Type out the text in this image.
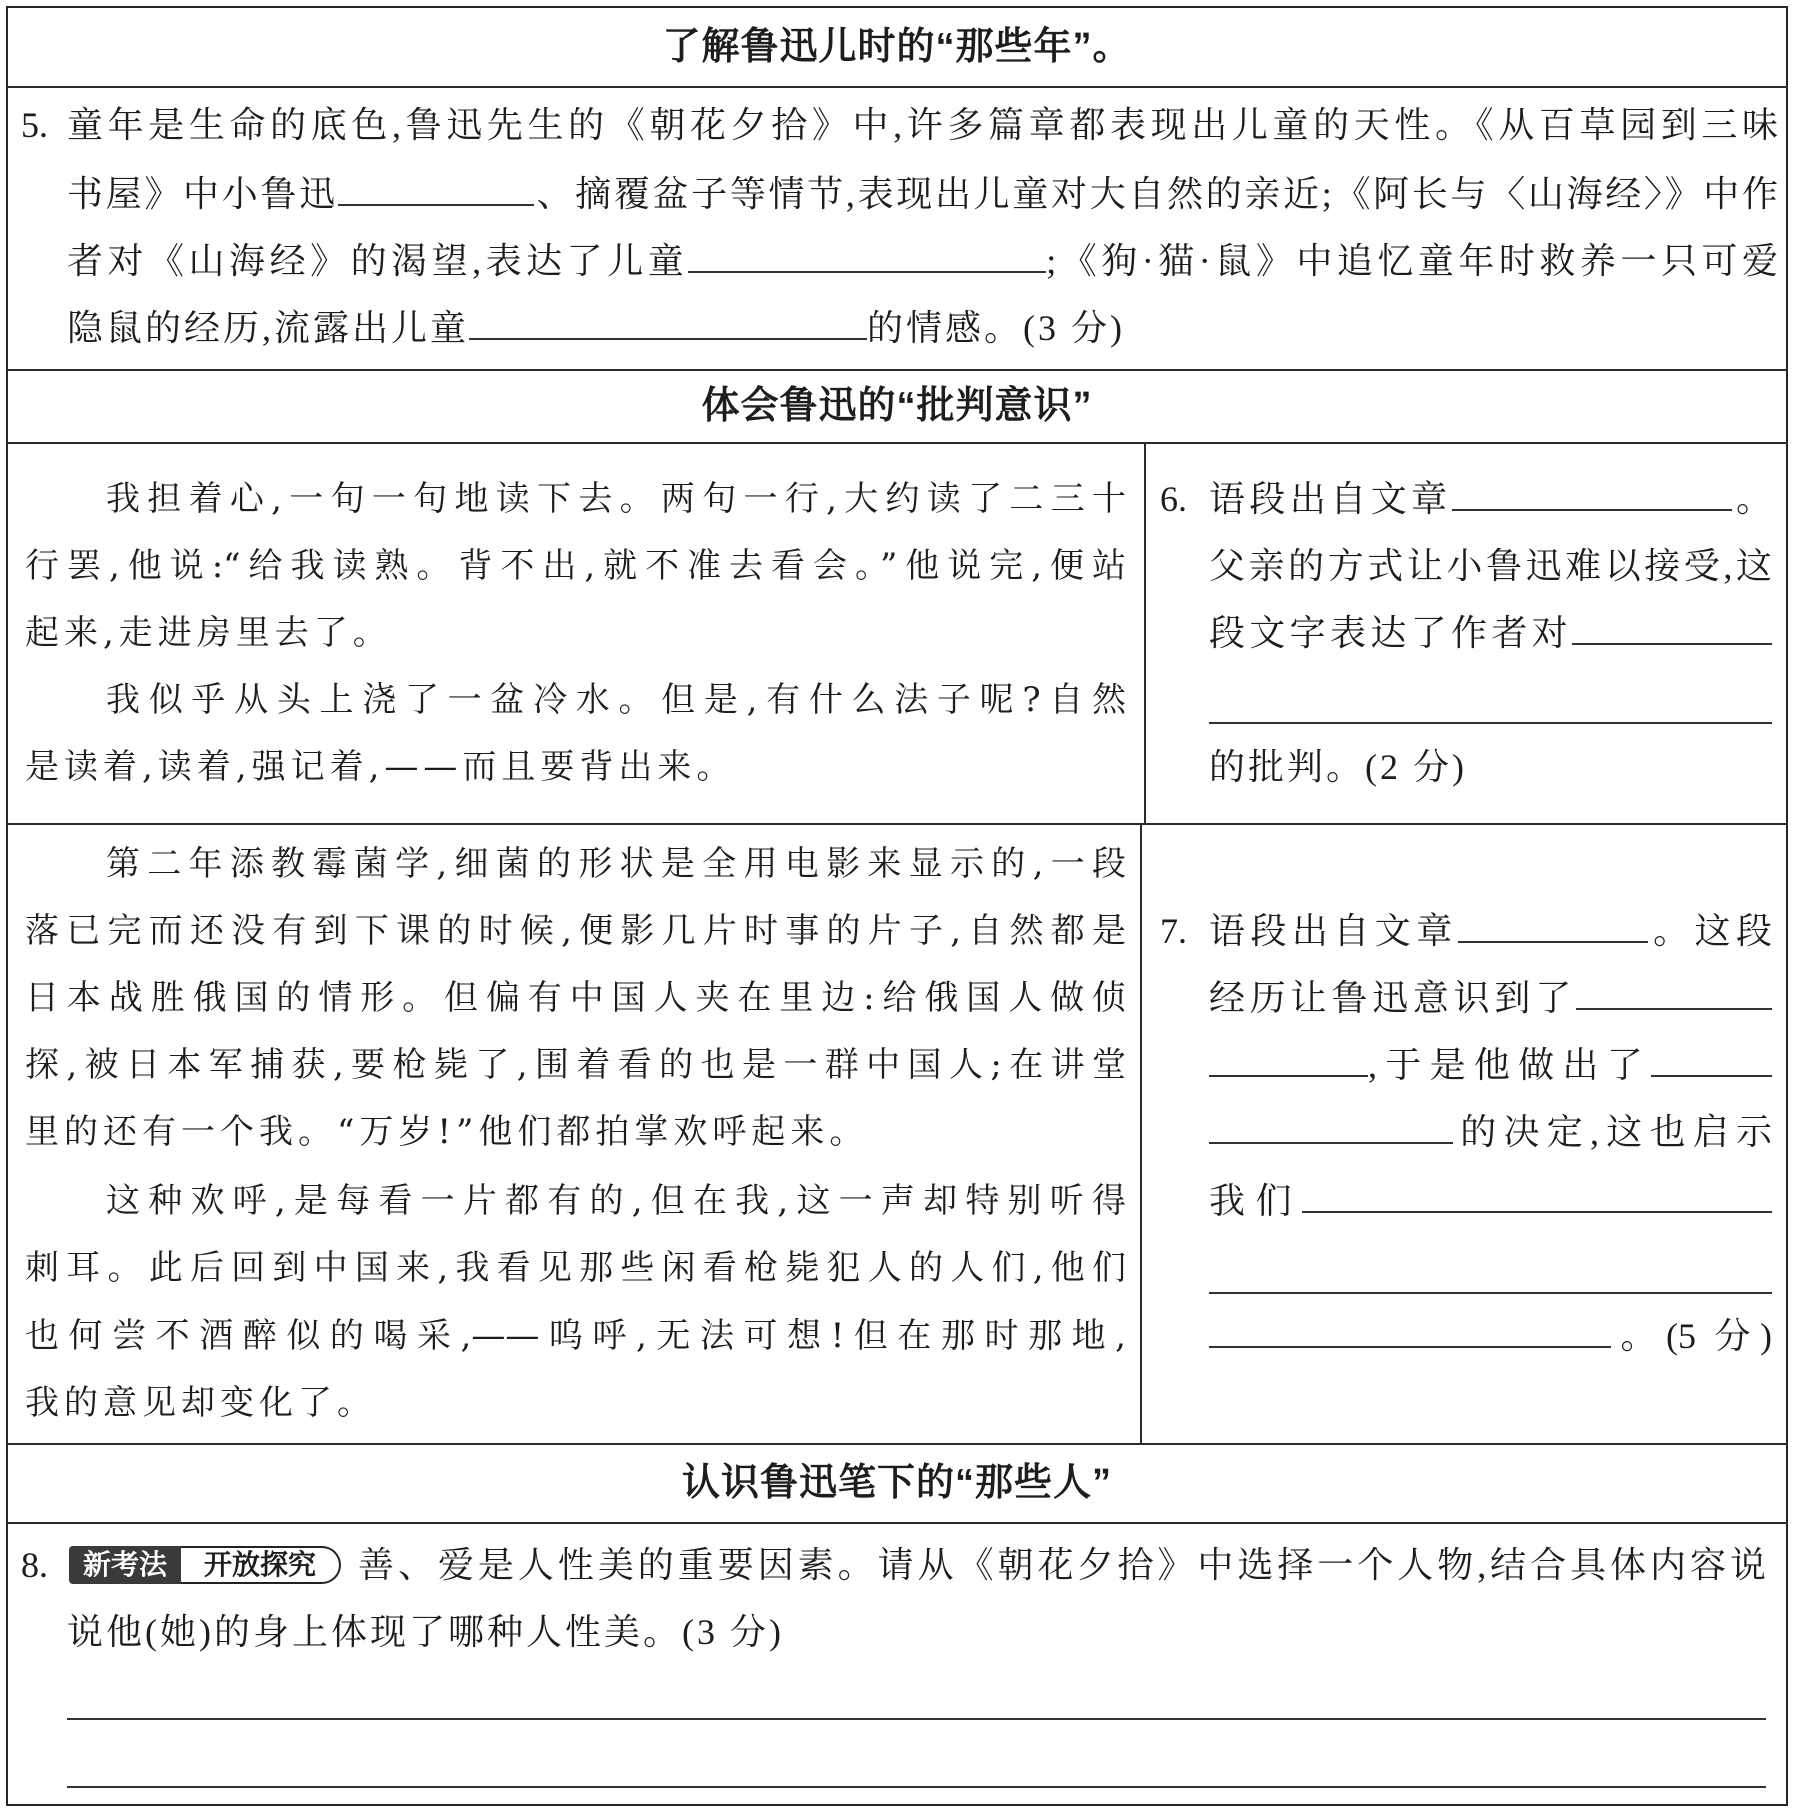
了解鲁迅儿时的“那些年”。
5. 童年是生命的底色,鲁迅先生的《朝花夕拾》中,许多篇章都表现出儿童的天性。《从百草园到三味
书屋》中小鲁迅	、摘覆盆子等情节,表现出儿童对大自然的亲近;《阿长与〈山海经〉》中作
者对《山海经》的渴望,表达了儿童	;《狗·猫·鼠》中追忆童年时救养一只可爱
隐鼠的经历,流露出儿童	的情感。(3 分)
体会鲁迅的“批判意识”
我担着心,一句一句地读下去。两句一行,大约读了二三十
行罢,他说:“给我读熟。背不出,就不准去看会。”他说完,便站
起来,走进房里去了。
我似乎从头上浇了一盆冷水。但是,有什么法子呢?自然
是读着,读着,强记着,——而且要背出来。
6. 语段出自文章	。
父亲的方式让小鲁迅难以接受,这
段文字表达了作者对
的批判。(2 分)
第二年添教霉菌学,细菌的形状是全用电影来显示的,一段
落已完而还没有到下课的时候,便影几片时事的片子,自然都是
日本战胜俄国的情形。但偏有中国人夹在里边:给俄国人做侦
探,被日本军捕获,要枪毙了,围着看的也是一群中国人;在讲堂
里的还有一个我。“万岁!”他们都拍掌欢呼起来。
这种欢呼,是每看一片都有的,但在我,这一声却特别听得
刺耳。此后回到中国来,我看见那些闲看枪毙犯人的人们,他们
也何尝不酒醉似的喝采,——呜呼,无法可想!但在那时那地,
我的意见却变化了。
7. 语段出自文章	。这段
经历让鲁迅意识到了
,于是他做出了
的决定,这也启示
我们
。(5 分)
认识鲁迅笔下的“那些人”
8.	新考法	开放探究	善、爱是人性美的重要因素。请从《朝花夕拾》中选择一个人物,结合具体内容说
说他(她)的身上体现了哪种人性美。(3 分)
